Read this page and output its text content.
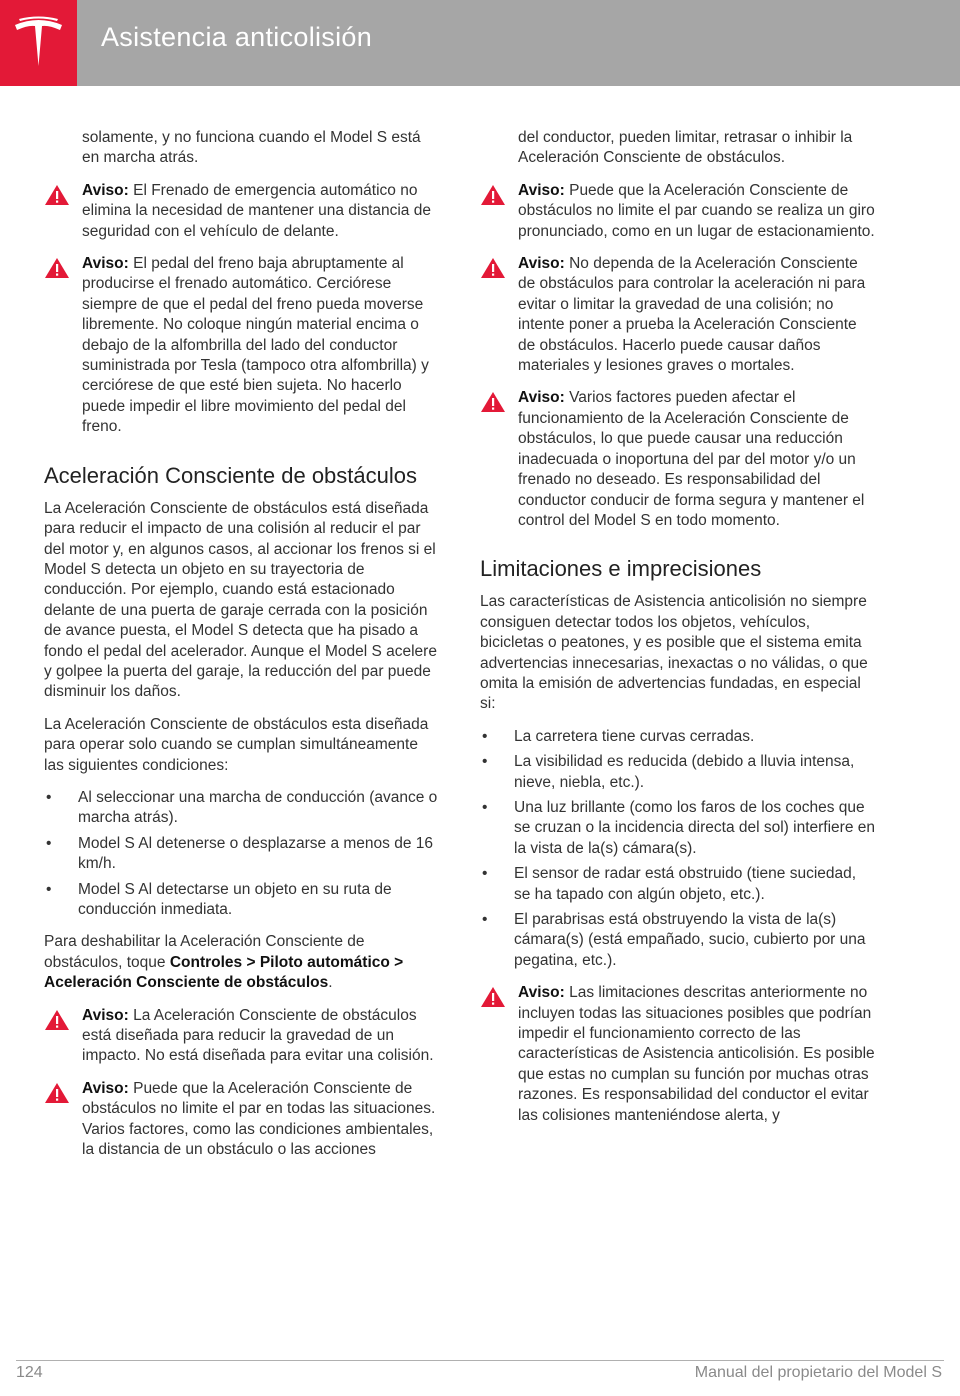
Asistencia anticolisión

solamente, y no funciona cuando el Model S está en marcha atrás.

Aviso: El Frenado de emergencia automático no elimina la necesidad de mantener una distancia de seguridad con el vehículo de delante.
Aviso: El pedal del freno baja abruptamente al producirse el frenado automático. Cerciórese siempre de que el pedal del freno pueda moverse libremente. No coloque ningún material encima o debajo de la alfombrilla del lado del conductor suministrada por Tesla (tampoco otra alfombrilla) y cerciórese de que esté bien sujeta. No hacerlo puede impedir el libre movimiento del pedal del freno.
Aceleración Consciente de obstáculos

La Aceleración Consciente de obstáculos está diseñada para reducir el impacto de una colisión al reducir el par del motor y, en algunos casos, al accionar los frenos si el Model S detecta un objeto en su trayectoria de conducción. Por ejemplo, cuando está estacionado delante de una puerta de garaje cerrada con la posición de avance puesta, el Model S detecta que ha pisado a fondo el pedal del acelerador. Aunque el Model S acelere y golpee la puerta del garaje, la reducción del par puede disminuir los daños.

La Aceleración Consciente de obstáculos esta diseñada para operar solo cuando se cumplan simultáneamente las siguientes condiciones:

• Al seleccionar una marcha de conducción (avance o marcha atrás).
• Model S Al detenerse o desplazarse a menos de 16 km/h.
• Model S Al detectarse un objeto en su ruta de conducción inmediata.

Para deshabilitar la Aceleración Consciente de obstáculos, toque Controles > Piloto automático > Aceleración Consciente de obstáculos.

Aviso: La Aceleración Consciente de obstáculos está diseñada para reducir la gravedad de un impacto. No está diseñada para evitar una colisión.
Aviso: Puede que la Aceleración Consciente de obstáculos no limite el par en todas las situaciones. Varios factores, como las condiciones ambientales, la distancia de un obstáculo o las acciones

del conductor, pueden limitar, retrasar o inhibir la Aceleración Consciente de obstáculos.

Aviso: Puede que la Aceleración Consciente de obstáculos no limite el par cuando se realiza un giro pronunciado, como en un lugar de estacionamiento.
Aviso: No dependa de la Aceleración Consciente de obstáculos para controlar la aceleración ni para evitar o limitar la gravedad de una colisión; no intente poner a prueba la Aceleración Consciente de obstáculos. Hacerlo puede causar daños materiales y lesiones graves o mortales.
Aviso: Varios factores pueden afectar el funcionamiento de la Aceleración Consciente de obstáculos, lo que puede causar una reducción inadecuada o inoportuna del par del motor y/o un frenado no deseado. Es responsabilidad del conductor conducir de forma segura y mantener el control del Model S en todo momento.
Limitaciones e imprecisiones

Las características de Asistencia anticolisión no siempre consiguen detectar todos los objetos, vehículos, bicicletas o peatones, y es posible que el sistema emita advertencias innecesarias, inexactas o no válidas, o que omita la emisión de advertencias fundadas, en especial si:

• La carretera tiene curvas cerradas.
• La visibilidad es reducida (debido a lluvia intensa, nieve, niebla, etc.).
• Una luz brillante (como los faros de los coches que se cruzan o la incidencia directa del sol) interfiere en la vista de la(s) cámara(s).
• El sensor de radar está obstruido (tiene suciedad, se ha tapado con algún objeto, etc.).
• El parabrisas está obstruyendo la vista de la(s) cámara(s) (está empañado, sucio, cubierto por una pegatina, etc.).
Aviso: Las limitaciones descritas anteriormente no incluyen todas las situaciones posibles que podrían impedir el funcionamiento correcto de las características de Asistencia anticolisión. Es posible que estas no cumplan su función por muchas otras razones. Es responsabilidad del conductor el evitar las colisiones manteniéndose alerta, y
124	Manual del propietario del Model S
